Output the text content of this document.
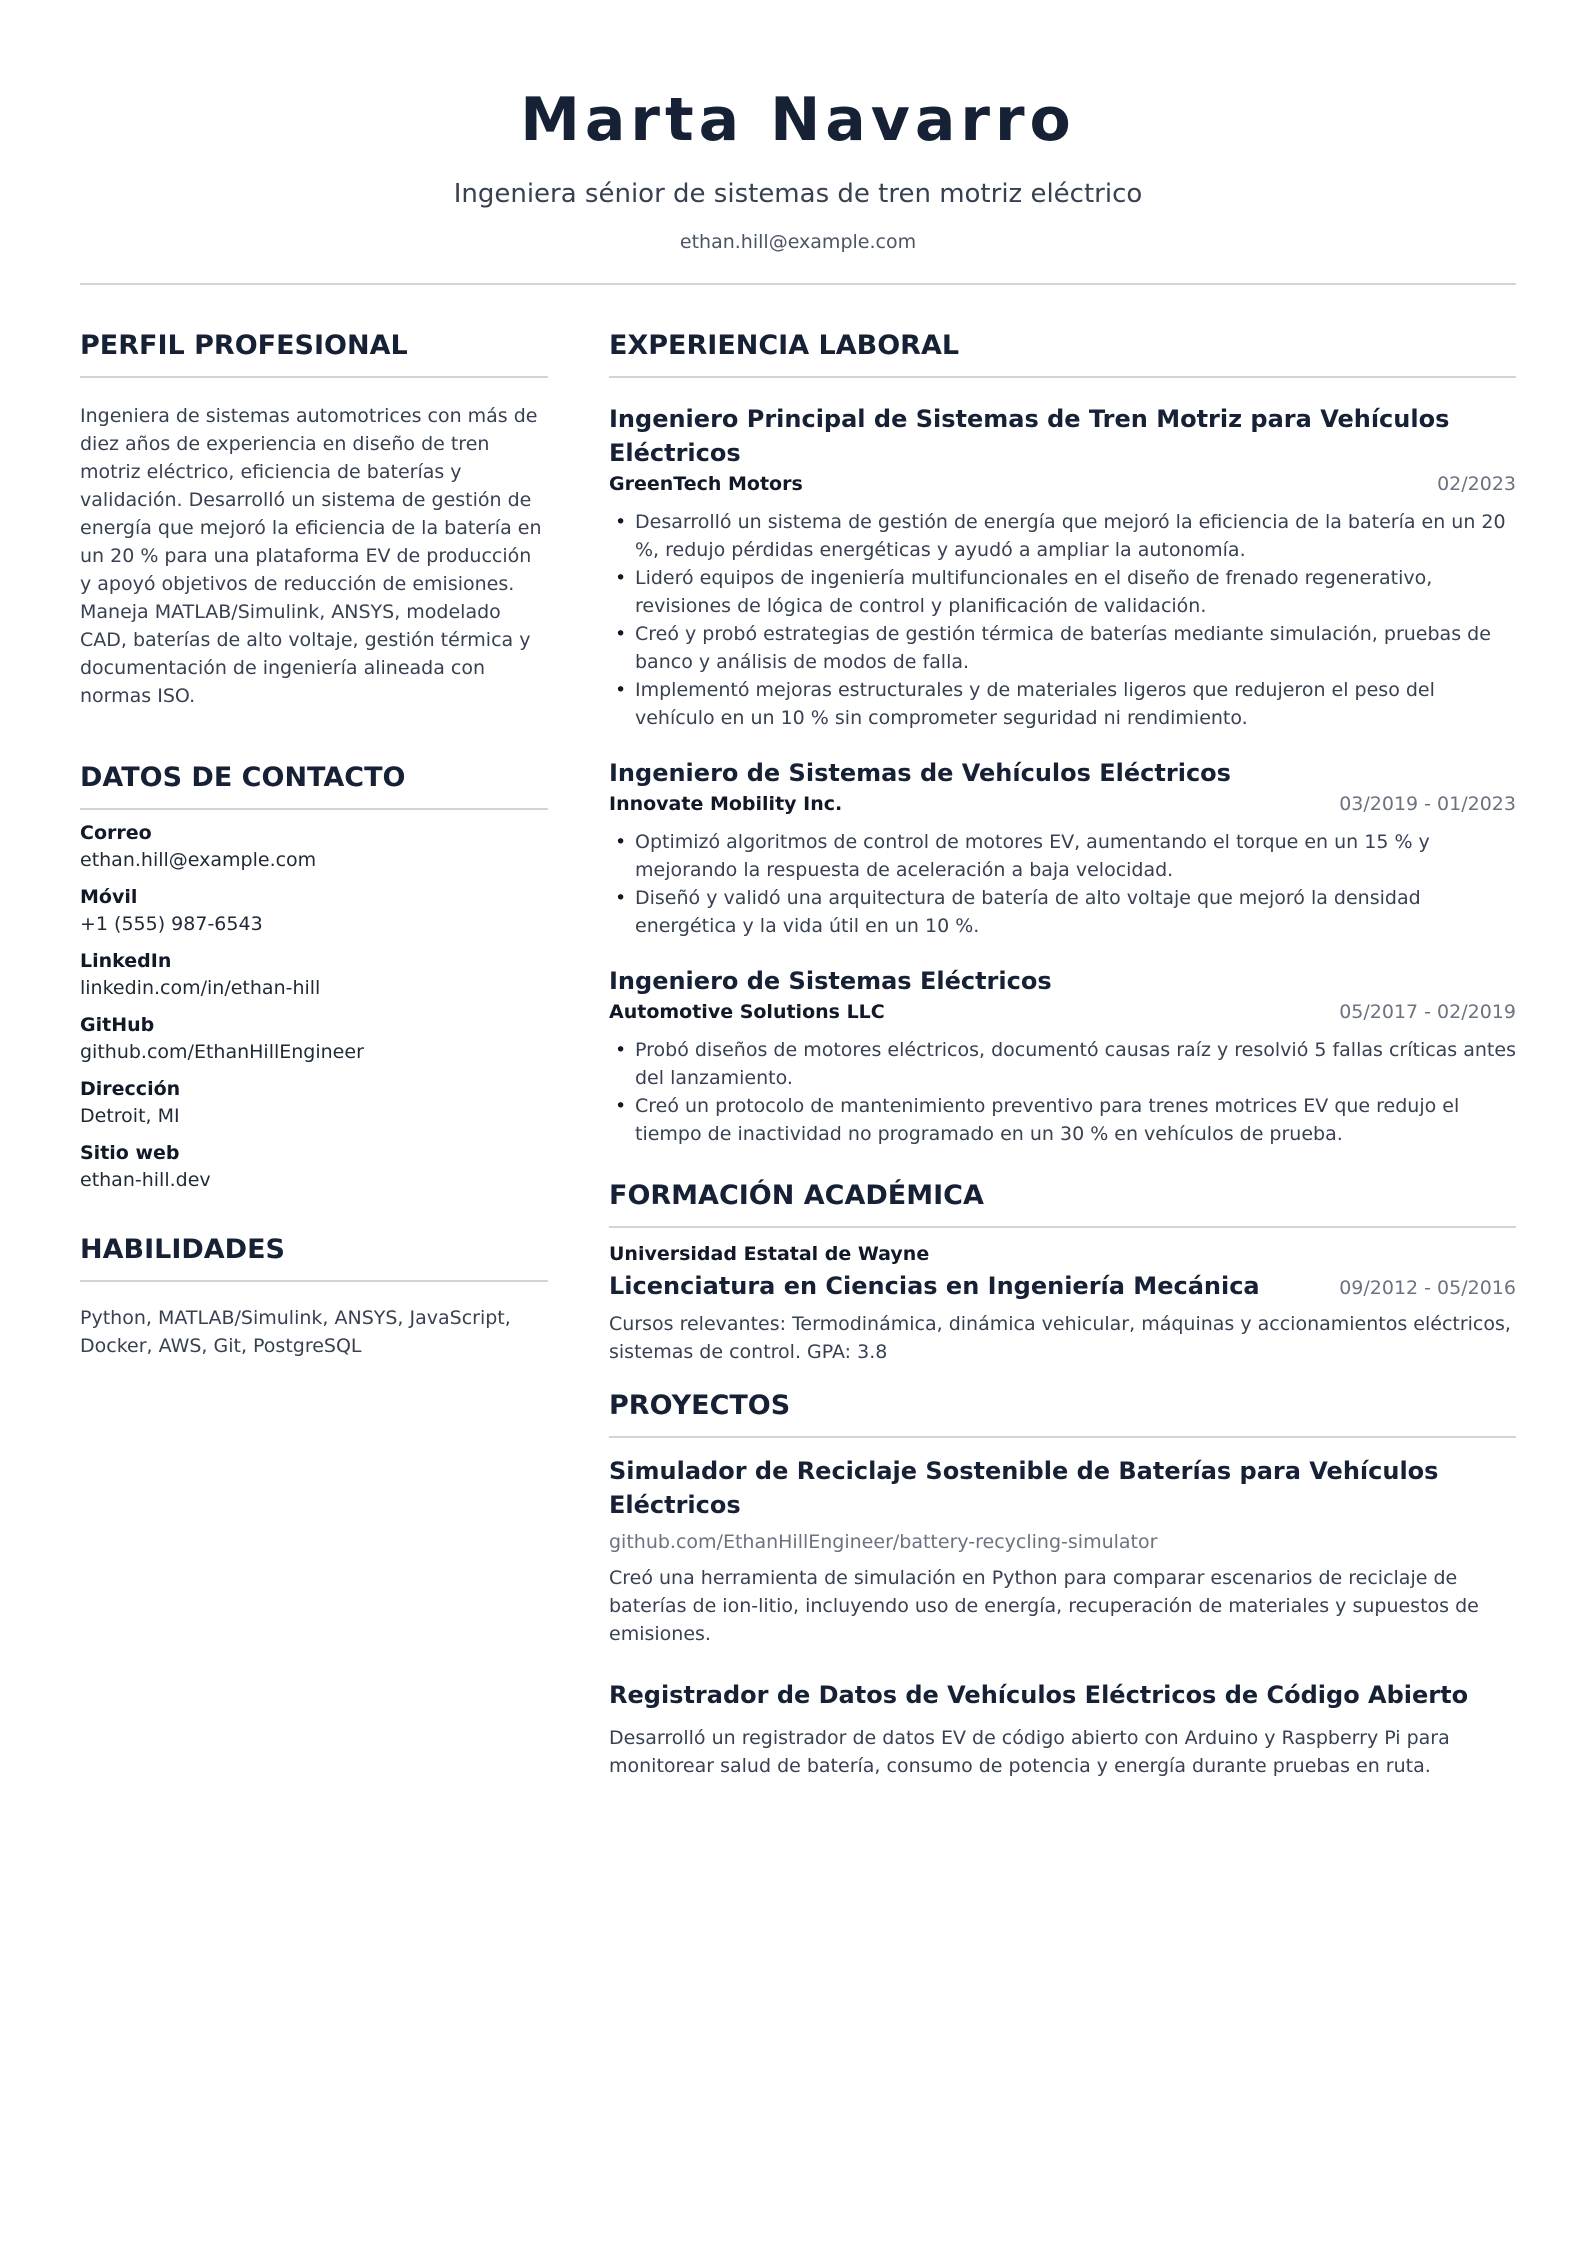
Marta Navarro
Ingeniera sénior de sistemas de tren motriz eléctrico
ethan.hill@example.com
PERFIL PROFESIONAL
Ingeniera de sistemas automotrices con más de diez años de experiencia en diseño de tren motriz eléctrico, eficiencia de baterías y validación. Desarrolló un sistema de gestión de energía que mejoró la eficiencia de la batería en un 20 % para una plataforma EV de producción y apoyó objetivos de reducción de emisiones. Maneja MATLAB/Simulink, ANSYS, modelado CAD, baterías de alto voltaje, gestión térmica y documentación de ingeniería alineada con normas ISO.
DATOS DE CONTACTO
Correo
ethan.hill@example.com
Móvil
+1 (555) 987-6543
LinkedIn
linkedin.com/in/ethan-hill
GitHub
github.com/EthanHillEngineer
Dirección
Detroit, MI
Sitio web
ethan-hill.dev
HABILIDADES
Python, MATLAB/Simulink, ANSYS, JavaScript, Docker, AWS, Git, PostgreSQL
EXPERIENCIA LABORAL
Ingeniero Principal de Sistemas de Tren Motriz para Vehículos Eléctricos
GreenTech Motors	02/2023
• Desarrolló un sistema de gestión de energía que mejoró la eficiencia de la batería en un 20 %, redujo pérdidas energéticas y ayudó a ampliar la autonomía.
• Lideró equipos de ingeniería multifuncionales en el diseño de frenado regenerativo, revisiones de lógica de control y planificación de validación.
• Creó y probó estrategias de gestión térmica de baterías mediante simulación, pruebas de banco y análisis de modos de falla.
• Implementó mejoras estructurales y de materiales ligeros que redujeron el peso del vehículo en un 10 % sin comprometer seguridad ni rendimiento.
Ingeniero de Sistemas de Vehículos Eléctricos
Innovate Mobility Inc.	03/2019 - 01/2023
• Optimizó algoritmos de control de motores EV, aumentando el torque en un 15 % y mejorando la respuesta de aceleración a baja velocidad.
• Diseñó y validó una arquitectura de batería de alto voltaje que mejoró la densidad energética y la vida útil en un 10 %.
Ingeniero de Sistemas Eléctricos
Automotive Solutions LLC	05/2017 - 02/2019
• Probó diseños de motores eléctricos, documentó causas raíz y resolvió 5 fallas críticas antes del lanzamiento.
• Creó un protocolo de mantenimiento preventivo para trenes motrices EV que redujo el tiempo de inactividad no programado en un 30 % en vehículos de prueba.
FORMACIÓN ACADÉMICA
Universidad Estatal de Wayne
Licenciatura en Ciencias en Ingeniería Mecánica	09/2012 - 05/2016
Cursos relevantes: Termodinámica, dinámica vehicular, máquinas y accionamientos eléctricos, sistemas de control. GPA: 3.8
PROYECTOS
Simulador de Reciclaje Sostenible de Baterías para Vehículos Eléctricos
github.com/EthanHillEngineer/battery-recycling-simulator
Creó una herramienta de simulación en Python para comparar escenarios de reciclaje de baterías de ion-litio, incluyendo uso de energía, recuperación de materiales y supuestos de emisiones.
Registrador de Datos de Vehículos Eléctricos de Código Abierto
Desarrolló un registrador de datos EV de código abierto con Arduino y Raspberry Pi para monitorear salud de batería, consumo de potencia y energía durante pruebas en ruta.
